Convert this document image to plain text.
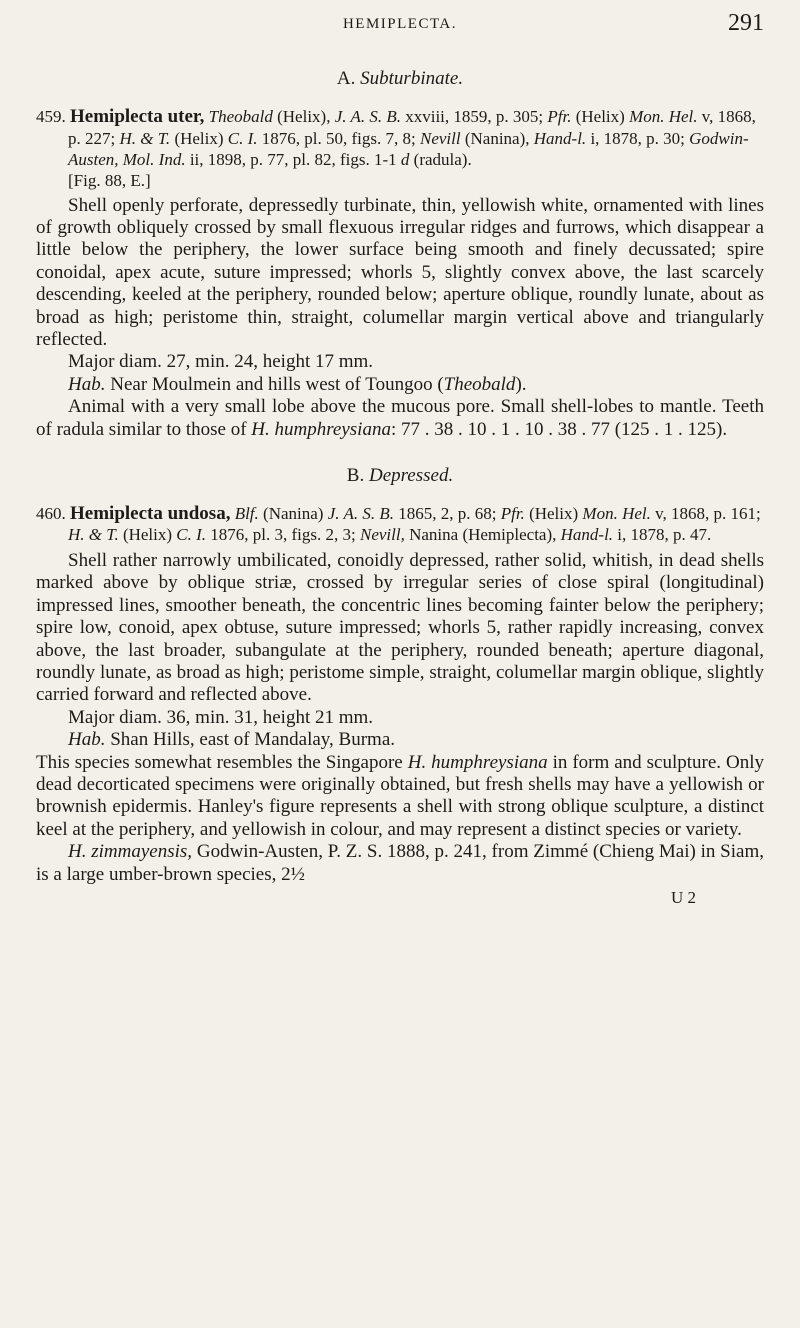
HEMIPLECTA.	291
A. Subturbinate.

459. Hemiplecta uter, Theobald (Helix), J. A. S. B. xxviii, 1859, p. 305; Pfr. (Helix) Mon. Hel. v, 1868, p. 227; H. & T. (Helix) C. I. 1876, pl. 50, figs. 7, 8; Nevill (Nanina), Hand-l. i, 1878, p. 30; Godwin-Austen, Mol. Ind. ii, 1898, p. 77, pl. 82, figs. 1-1 d (radula).

[Fig. 88, E.]

Shell openly perforate, depressedly turbinate, thin, yellowish white, ornamented with lines of growth obliquely crossed by small flexuous irregular ridges and furrows, which disappear a little below the periphery, the lower surface being smooth and finely decussated; spire conoidal, apex acute, suture impressed; whorls 5, slightly convex above, the last scarcely descending, keeled at the periphery, rounded below; aperture oblique, roundly lunate, about as broad as high; peristome thin, straight, columellar margin vertical above and triangularly reflected.

Major diam. 27, min. 24, height 17 mm.

Hab. Near Moulmein and hills west of Toungoo (Theobald).

Animal with a very small lobe above the mucous pore. Small shell-lobes to mantle. Teeth of radula similar to those of H. humphreysiana: 77 . 38 . 10 . 1 . 10 . 38 . 77 (125 . 1 . 125).

B. Depressed.

460. Hemiplecta undosa, Blf. (Nanina) J. A. S. B. 1865, 2, p. 68; Pfr. (Helix) Mon. Hel. v, 1868, p. 161; H. & T. (Helix) C. I. 1876, pl. 3, figs. 2, 3; Nevill, Nanina (Hemiplecta), Hand-l. i, 1878, p. 47.

Shell rather narrowly umbilicated, conoidly depressed, rather solid, whitish, in dead shells marked above by oblique striæ, crossed by irregular series of close spiral (longitudinal) impressed lines, smoother beneath, the concentric lines becoming fainter below the periphery; spire low, conoid, apex obtuse, suture impressed; whorls 5, rather rapidly increasing, convex above, the last broader, subangulate at the periphery, rounded beneath; aperture diagonal, roundly lunate, as broad as high; peristome simple, straight, columellar margin oblique, slightly carried forward and reflected above.

Major diam. 36, min. 31, height 21 mm.

Hab. Shan Hills, east of Mandalay, Burma.

This species somewhat resembles the Singapore H. humphreysiana in form and sculpture. Only dead decorticated specimens were originally obtained, but fresh shells may have a yellowish or brownish epidermis. Hanley's figure represents a shell with strong oblique sculpture, a distinct keel at the periphery, and yellowish in colour, and may represent a distinct species or variety.

H. zimmayensis, Godwin-Austen, P. Z. S. 1888, p. 241, from Zimmé (Chieng Mai) in Siam, is a large umber-brown species, 2½

U 2
